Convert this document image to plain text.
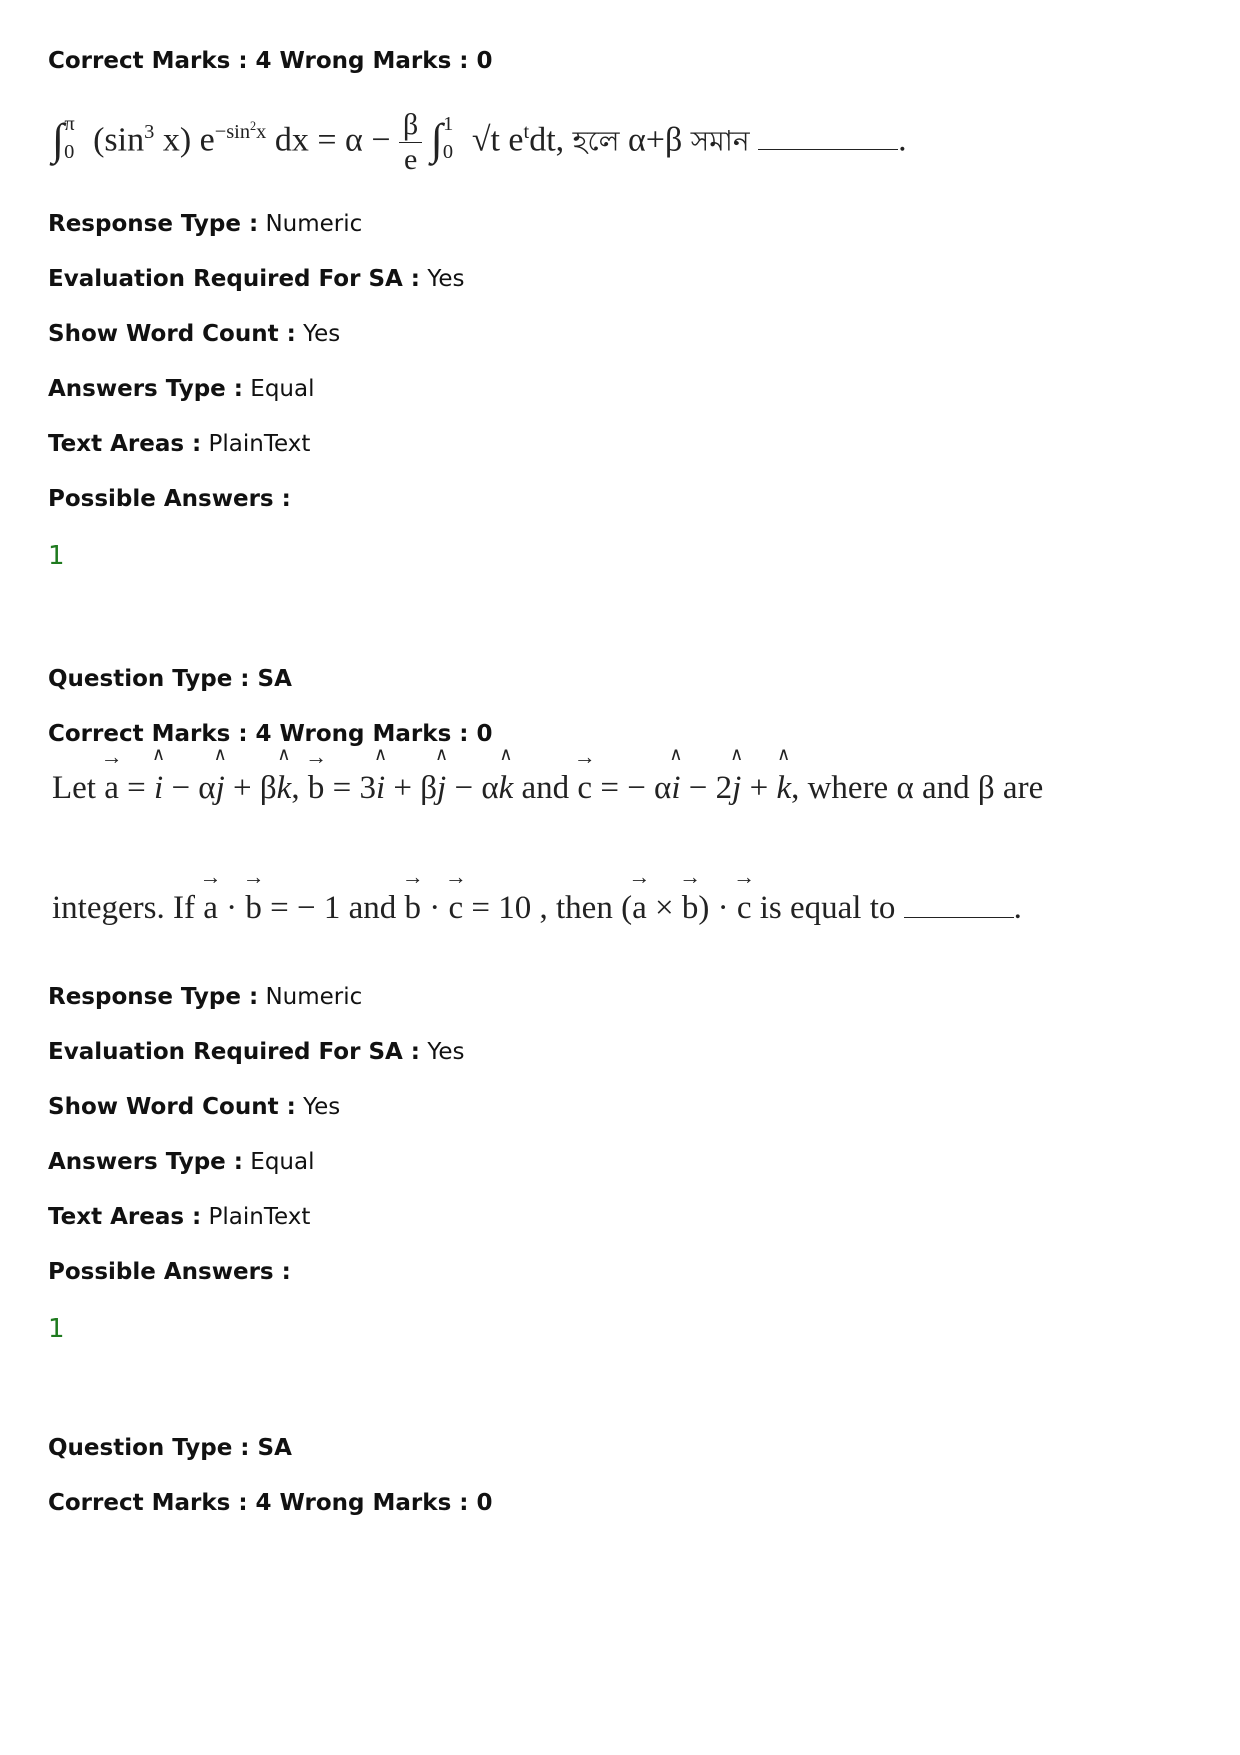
Correct Marks : 4 Wrong Marks : 0
$\int_0^\pi$ ($\sin^3$ x) $e^{-sin^2x}$ dx = $\alpha - \frac{\beta}{e} \int_0^1$ √t $e^tdt$, হলে α+β সমান	.
Response Type : Numeric
Evaluation Required For SA : Yes
Show Word Count : Yes
Answers Type : Equal
Text Areas : PlainText
Possible Answers :
1
Question Type : SA
Correct Marks : 4 Wrong Marks : 0
Let → a = ∧ i − α∧ j + β∧ k, → b = 3∧ i + β∧ j − α∧ k and → c = − α∧ i − 2∧ j + ∧ k, where α and β are
integers. If → a · → b = − 1 and → b · → c = 10 , then (→ a × → b) · → c is equal to	.
Response Type : Numeric
Evaluation Required For SA : Yes
Show Word Count : Yes
Answers Type : Equal
Text Areas : PlainText
Possible Answers :
1
Question Type : SA
Correct Marks : 4 Wrong Marks : 0
